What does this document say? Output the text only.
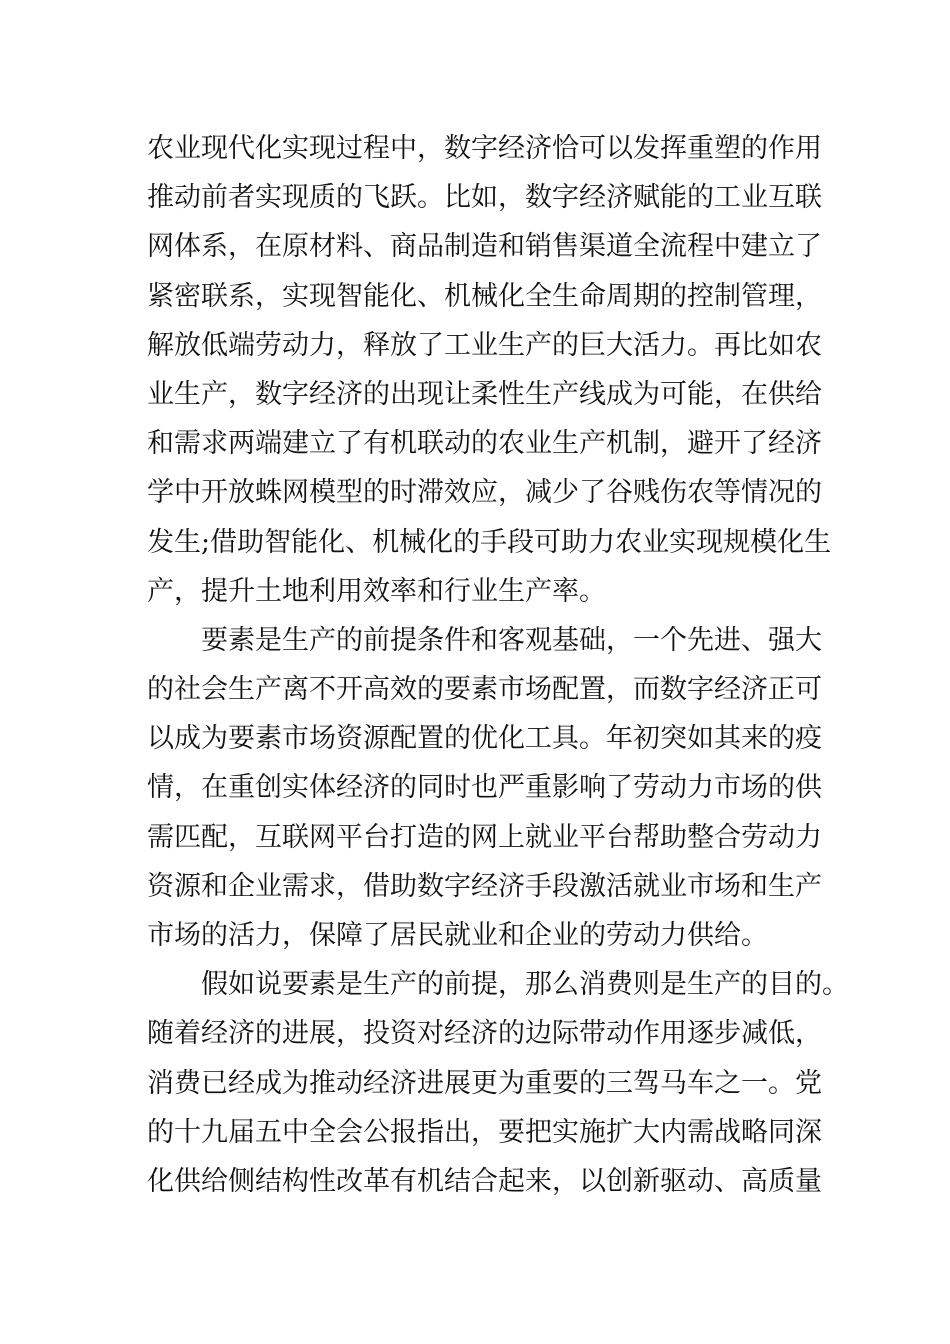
农业现代化实现过程中，数字经济恰可以发挥重塑的作用
推动前者实现质的飞跃。比如，数字经济赋能的工业互联
网体系，在原材料、商品制造和销售渠道全流程中建立了
紧密联系，实现智能化、机械化全生命周期的控制管理，
解放低端劳动力，释放了工业生产的巨大活力。再比如农
业生产，数字经济的出现让柔性生产线成为可能，在供给
和需求两端建立了有机联动的农业生产机制，避开了经济
学中开放蛛网模型的时滞效应，减少了谷贱伤农等情况的
发生;借助智能化、机械化的手段可助力农业实现规模化生
产，提升土地利用效率和行业生产率。
要素是生产的前提条件和客观基础，一个先进、强大
的社会生产离不开高效的要素市场配置，而数字经济正可
以成为要素市场资源配置的优化工具。年初突如其来的疫
情，在重创实体经济的同时也严重影响了劳动力市场的供
需匹配，互联网平台打造的网上就业平台帮助整合劳动力
资源和企业需求，借助数字经济手段激活就业市场和生产
市场的活力，保障了居民就业和企业的劳动力供给。
假如说要素是生产的前提，那么消费则是生产的目的。
随着经济的进展，投资对经济的边际带动作用逐步减低，
消费已经成为推动经济进展更为重要的三驾马车之一。党
的十九届五中全会公报指出，要把实施扩大内需战略同深
化供给侧结构性改革有机结合起来，以创新驱动、高质量
